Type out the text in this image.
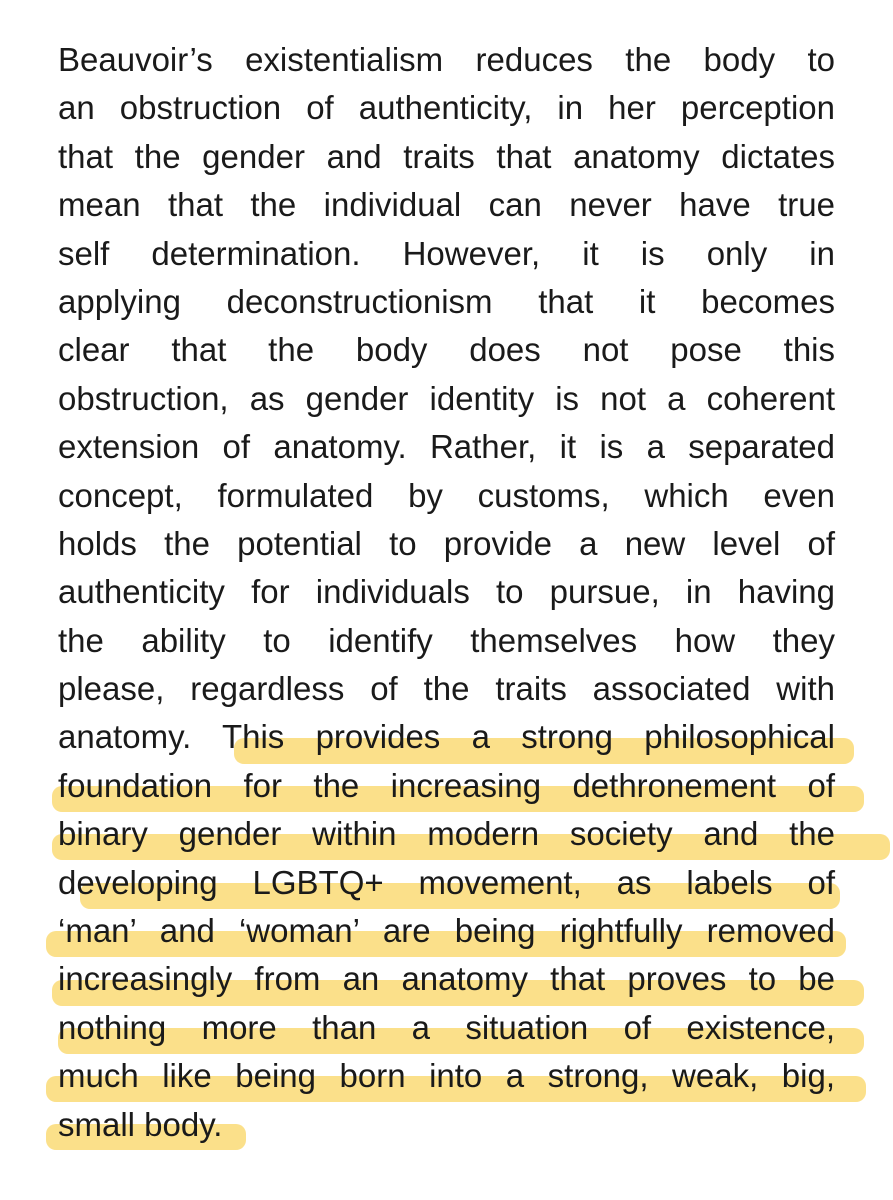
Beauvoir’s existentialism reduces the body to
an obstruction of authenticity, in her perception
that the gender and traits that anatomy dictates
mean that the individual can never have true
self determination. However, it is only in
applying deconstructionism that it becomes
clear that the body does not pose this
obstruction, as gender identity is not a coherent
extension of anatomy. Rather, it is a separated
concept, formulated by customs, which even
holds the potential to provide a new level of
authenticity for individuals to pursue, in having
the ability to identify themselves how they
please, regardless of the traits associated with
anatomy. This provides a strong philosophical
foundation for the increasing dethronement of
binary gender within modern society and the
developing LGBTQ+ movement, as labels of
‘man’ and ‘woman’ are being rightfully removed
increasingly from an anatomy that proves to be
nothing more than a situation of existence,
much like being born into a strong, weak, big,
small body.
